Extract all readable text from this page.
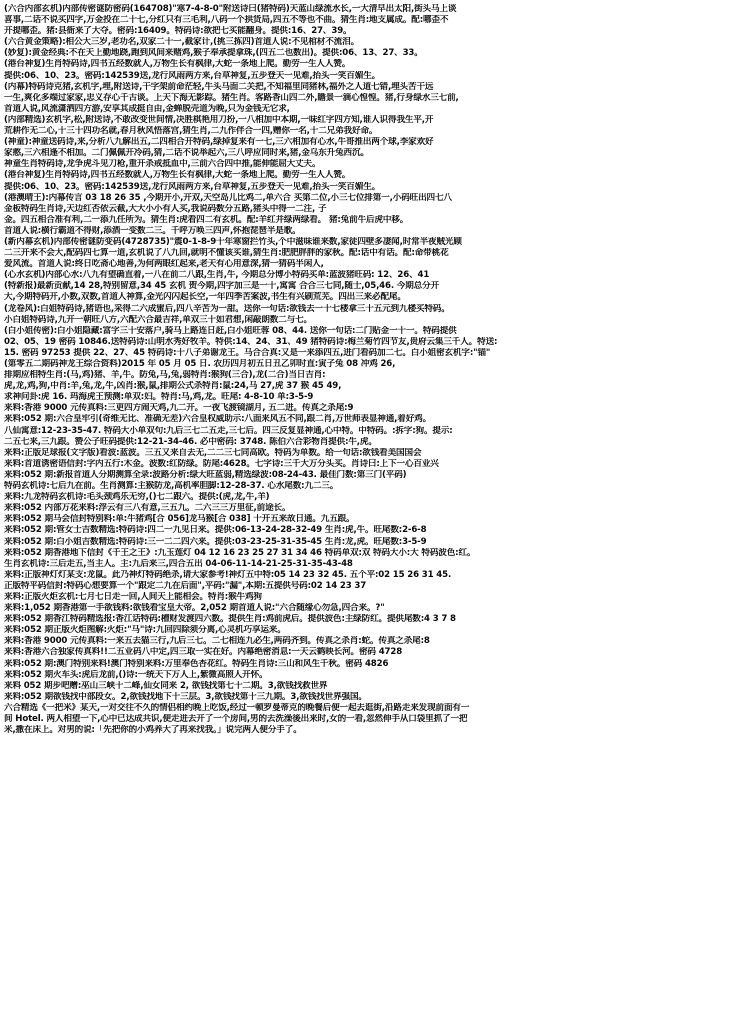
(六合内部玄机)内部传密谜防密码(164708)"寒7-4-8-0"附送诗曰(猪特码)天蓝山绿流水长,一大清早出太阳,街头马上谈
喜事,二话不说买四字,万金投在二十七,分红只有三毛利,八码一个拱货局,四五不等也不曲。猜生肖:地支属成。配:哪歪不
开提哪歪。猪:县衙来了大夺。密码:16409。特码诗:欲把七买能翻身。提供:16、27、39。
(六合黄金策略):相公大三岁,老功名,双家二十一,截家计,(挑三拣四)首道人说:不见棺材不流泪。
(妙复):黄金经典:不在天上勤地跷,跑到风间来赌鸡,猴子奉承提拿珠,(四五二也数出)。提供:06、13、27、33。
(港台神复)生肖特码诗,四书五经数就人,万物生长有枫律,大蛇一条地上爬。勤劳一生人人赞。
提供:06、10、23。密码:142539送,龙行风雨两方来,台草神复,五步登天一见难,抬头一笑百媚生。
(内幕)特码诗克猪,玄机字,埋,附送诗,干字架前命茫轻,牛头马面二关把,不知福里同猪林,福外之人道七错,埋头苦干远
一生,爽化多端过家家,忠义存心千古谈。上天下海无影踪。猪生肖。客路香山四二外,瞻景一滴心惶惶。猪,行身绿水三七前,
首道人说,风流潇洒四方游,安享其成挺自由,金蝉脱壳道为晚,只为金钱无它求,
(内部精选)玄机字,松,附送诗,不敢改变世间情,决胜棋艳用刀扮,一八相加中本期,一味红字四方知,谁人识得我生平,开
荒耕作无二心,十三十四功名就,春月秋风悟落宫,猜生肖,二九作伴合一四,赠你一名,十二兄弟我好命。
(神童):神童送码诗,来,分析八九解出五,二四相合开特码,绿掉复来有一七,三六相加有心水,牛哥推出两个球,李家欢好
家憨,三六相逢不相加。二门佩佩开冷码,猜,二话不说举起六,三八呼应同时来,猪,金乌东升兔西沉。
神童生肖特码诗,龙争虎斗见刀枪,重开杀戒抵血中,三前六合四中推,能伸能屈大丈夫。
(港台神复)生肖特码诗,四书五经数就人,万物生长有枫律,大蛇一条地上爬。勤劳一生人人赞。
提供:06、10、23。密码:142539送,龙行风雨两方来,台草神复,五步登天一见难,抬头一笑百媚生。
(港澳晴王):内幕传言 03 18 26 35 ,今期开小,开双,天空岛儿比鸡二,单六合 买第二位,小三七位排第一,小码旺出四七八
金板特码生肖诗,天边红否依云截,大大小小有人买,我说码数分五路,猪头中得一二注, 子
金。四五相合准有利,二一添九任所为。猜生肖:虎看四二有玄机。配:羊红并绿两绿看。 猪:兔前牛后虎中移。
首道人说:横行霸道不得财,添酒一变数二三。千呼万唤三四声,怀抱琵琶半是歌。
(新内幕玄机)内部传密谜防变码(4728735)"震0-1-8-9十年寒窗拦竹头,个中滋味谁来数,家徒四壁多凄闻,时常半夜贼光顾
二三开来不会大,配码四七算一道,玄机说了八九回,就明不懂该买谁,猜生肖:肥肥胖胖的家秋。配:话中有话。配:命带桃花
爱风流。首道人说:终日吃斋心地善,为何两眼红起来,老天有心用意深,猜一猜码半闲人,
(心水玄机)内部心水:八九有望确直着,一八在前二八跟,生肖,牛, 今期总分博小特码买单:蓝波猪旺码: 12、26、41
(特新报)最新贡献,14 28,特别留意,34 45 玄机 贺今期,四字加三是一十,寓寓 合合三七同,随士,05,46. 今期总分开
大,今期特码开,小数,双数,首道人神算,金光闪闪起长空,一年四季苦案波,书生有兴刷荒芜。四出三来必配尾。
(龙卷风):白姐特码诗,猪语也,采得二六成蜜后,四八辛苦为一甜。送你一句话:欲钱去一十七楼拿三十五元到九楼买特码。
小白姐特码诗,九开一朝旺八方,六配六合最吉祥,单双三十如君想,闲敲朗数二与七。
(白小姐传密):白小姐隐藏:富字三十安落户,骑马上路连日赶,白小姐旺蓉 08、44. 送你一句话:二门贴金一十一。特码提供
02、05、19 密码 10846.送特码诗:山明水秀好牧羊。特供:14、24、31、49 猪特码诗:梅兰菊竹四节友,贵府云集三千人。特送:
15. 密码 97253 提供 22、27、45 特码诗:十八子弟谢龙王。马合合真:又是一来添四五,进门看码加二七。白小姐密玄机字:"锚"
(第零五二期码神龙王综合资料)2015 年 05 月 05 日. 农历四月初五日丑乙卯时直:寅子兔 08 冲鸡 26,
排期应相特生肖:(马,鸡)猪、羊,牛。防兔,马,兔,弱特肖:猴狗(三合),龙(二合)当日吉肖:
虎,龙,鸡,狗,中肖:羊,兔,龙,牛,凶肖:猴,鼠,排期公式杀特肖:鼠:24,马 27,虎 37 猴 45 49,
求神问卦:虎 16. 玛海虎王预测:单双:妇。特肖:马,鸡,龙。旺尾: 4-8-10 单:3-5-9
来料:香港 9000 元传真料:三更四方闹天鸡,九二开。一夜飞渡镜湖月, 五二进。传真之杀尾:9
来料:052 期:六合皇牢引(奇维无比、准确无差)六合皇权威助示:八面来风五不同,跟二肖,万世师表显神通,着好鸡。
八仙寓意:12-23-35-47. 特码大小单双句:九后三七二五走,三七后。四三反复显神通,心中特。中特码。:拆字:狗。提示:
二五七来,三九跟。赞公子旺码提供:12-21-34-46. 必中密码: 3748. 陈伯六合彩物肖提供:牛,虎。
来料:正版足球报(文字版)看波:蓝波。三五又来自去无,二二三七同高欧。特码为单数。给一句话:欲钱看美国国会
来料:首道诱密语信封:字内五行:木金。波数:红防绿。防尾:4628。七字诗:三千大万分头买。肖诗曰:上下一心百业兴
来料:052 期:新报首道人分期测算全录:波路分析:绿大旺蓝弱,精选绿波:08-24-43. 最佳门数:第三门(平码)
特码玄机诗:七后九在前。生肖测算:主猴防龙,高机率胆脚:12-28-37. 心水尾数:九二三。
来料:九龙特码玄机诗:毛头颈鸡乐无穷,()七二跟六。提供:(虎,龙,牛,羊)
来料:052 内部万花来料:浮云有三八有意,三五九。二六三三万里征,前途长。
来料:052 期马会信封特别料:单:牛猪鸡[合 056]龙马猴[合 038] 十开五来故日通。九五跟。
来料:052 期:管女士吉数精选:特码诗:四二一九见日来。提供:06-13-24-28-32-49 生肖:虎,牛。旺尾数:2-6-8
来料:052 期:白小姐吉数精选:特码诗:三一二二四六来。提供:03-23-25-31-35-45 生肖:龙,虎。旺尾数:3-5-9
来料:052 期香港地下信封《千王之王》:九玉莲灯 04 12 16 23 25 27 31 34 46 特码单双:双 特码大小:大 特码波色:红。
生肖玄机诗:三后走五,当主人。主:九后来三,四合五出 04-06-11-14-21-25-31-35-43-48
来料:正版神灯灯某支:龙鼠。此乃神灯特码绝杀,请大家参考!神灯五中特:05 14 23 32 45. 五个平:02 15 26 31 45.
正版特平码信封:特码心想要算一个"跟定二九在后面",平码:"漏",本期:五提供号码:02 14 23 37
来料:正版火炬玄机:七月七日走一回,人间天上能相会。特肖:猴牛鸡狗
来料:1,052 期香港第一手欲钱料:欲钱看宝皇大帝。2,052 期首道人说:"六合随缘心勿急,四合来。?"
来料:052 期香江特码精选报:香江话特码:槽财发渡四六数。提供生肖:鸡前虎后。提供波色:主绿防红。提供尾数:4 3 7 8
来料:052 期正版火炬图解:火炬:"马"诗:九回四除须分离,心灵机巧享运来。
来料:香港 9000 元传真料:一来五去猫三行,九后三七。二七相连九必生,两码齐到。传真之杀肖:蛇。传真之杀尾:8
来料:香港六合独家传真料!!二五业码八中定,四三取一实在好。内幕绝密消息:一天云鹤映长河。密码 4728
来料:052 期:澳门特别来料!澳门特别来料:万里奉色杏花红。特码生肖诗:三山和风生千秋。密码 4826
来料:052 期火车头:虎后龙前,()诗:一统天下万人上,紫微高照人开怀。
来料 052 期步吧赠:巫山三峡十二峰,仙女同来 2, 欲钱找第七十二期。3,欲钱找救世界
来料:052 期欲钱找中部段女。2,欲钱找地下十三层。3,欲钱找第十三九期。3,欲钱找世界强国。
六合精选《一把米》某天,一对交往不久的情侣相约晚上吃饭,经过一顿罗曼蒂克的晚餐后便一起去逛街,沿路走来发现前面有一
间 Hotel. 两人相望一下,心中已达成共识,便走进去开了一个房间,男的去洗澡後出来时,女的一看,忽然伸手从口袋里抓了一把
米,撒在床上。对男的说:「先把你的小鸡养大了再来找我。」说完两人便分手了。
